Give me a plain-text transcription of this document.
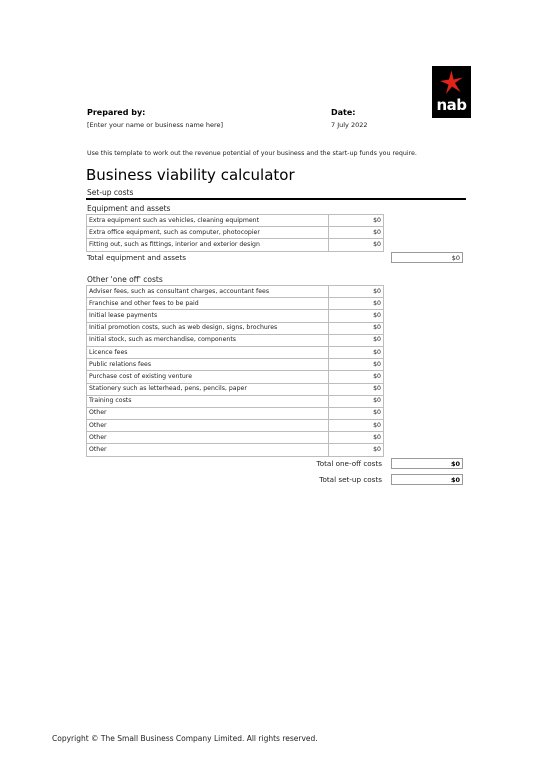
nab
Prepared by:
[Enter your name or business name here]
Date:
7 July 2022
Use this template to work out the revenue potential of your business and the start-up funds you require.
Business viability calculator
Set-up costs
Equipment and assets
Extra equipment such as vehicles, cleaning equipment	$0
Extra office equipment, such as computer, photocopier	$0
Fitting out, such as fittings, interior and exterior design	$0
Total equipment and assets	$0
Other 'one off' costs
Adviser fees, such as consultant charges, accountant fees	$0
Franchise and other fees to be paid	$0
Initial lease payments	$0
Initial promotion costs, such as web design, signs, brochures	$0
Initial stock, such as merchandise, components	$0
Licence fees	$0
Public relations fees	$0
Purchase cost of existing venture	$0
Stationery such as letterhead, pens, pencils, paper	$0
Training costs	$0
Other	$0
Other	$0
Other	$0
Other	$0
Total one-off costs	$0
Total set-up costs	$0
Copyright © The Small Business Company Limited. All rights reserved.
